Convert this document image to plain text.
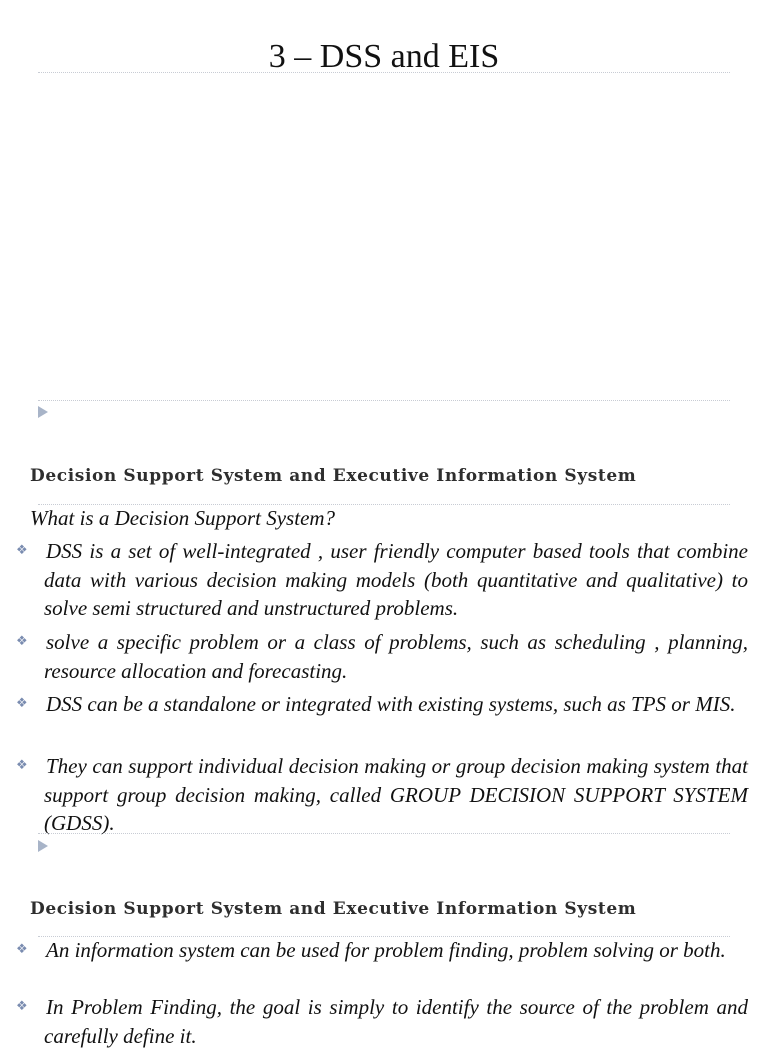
3 – DSS and EIS

Decision Support System and Executive Information System

What is a Decision Support System?

❖ DSS is a set of well-integrated , user friendly computer based tools that combine data with various decision making models (both quantitative and qualitative) to solve semi structured and unstructured problems.

❖ solve a specific problem or a class of problems, such as scheduling , planning, resource allocation and forecasting.

❖ DSS can be a standalone or integrated with existing systems, such as TPS or MIS.

❖ They can support individual decision making or group decision making system that support group decision making, called GROUP DECISION SUPPORT SYSTEM (GDSS).

Decision Support System and Executive Information System

❖ An information system can be used for problem finding, problem solving or both.

❖ In Problem Finding, the goal is simply to identify the source of the problem and carefully define it.
